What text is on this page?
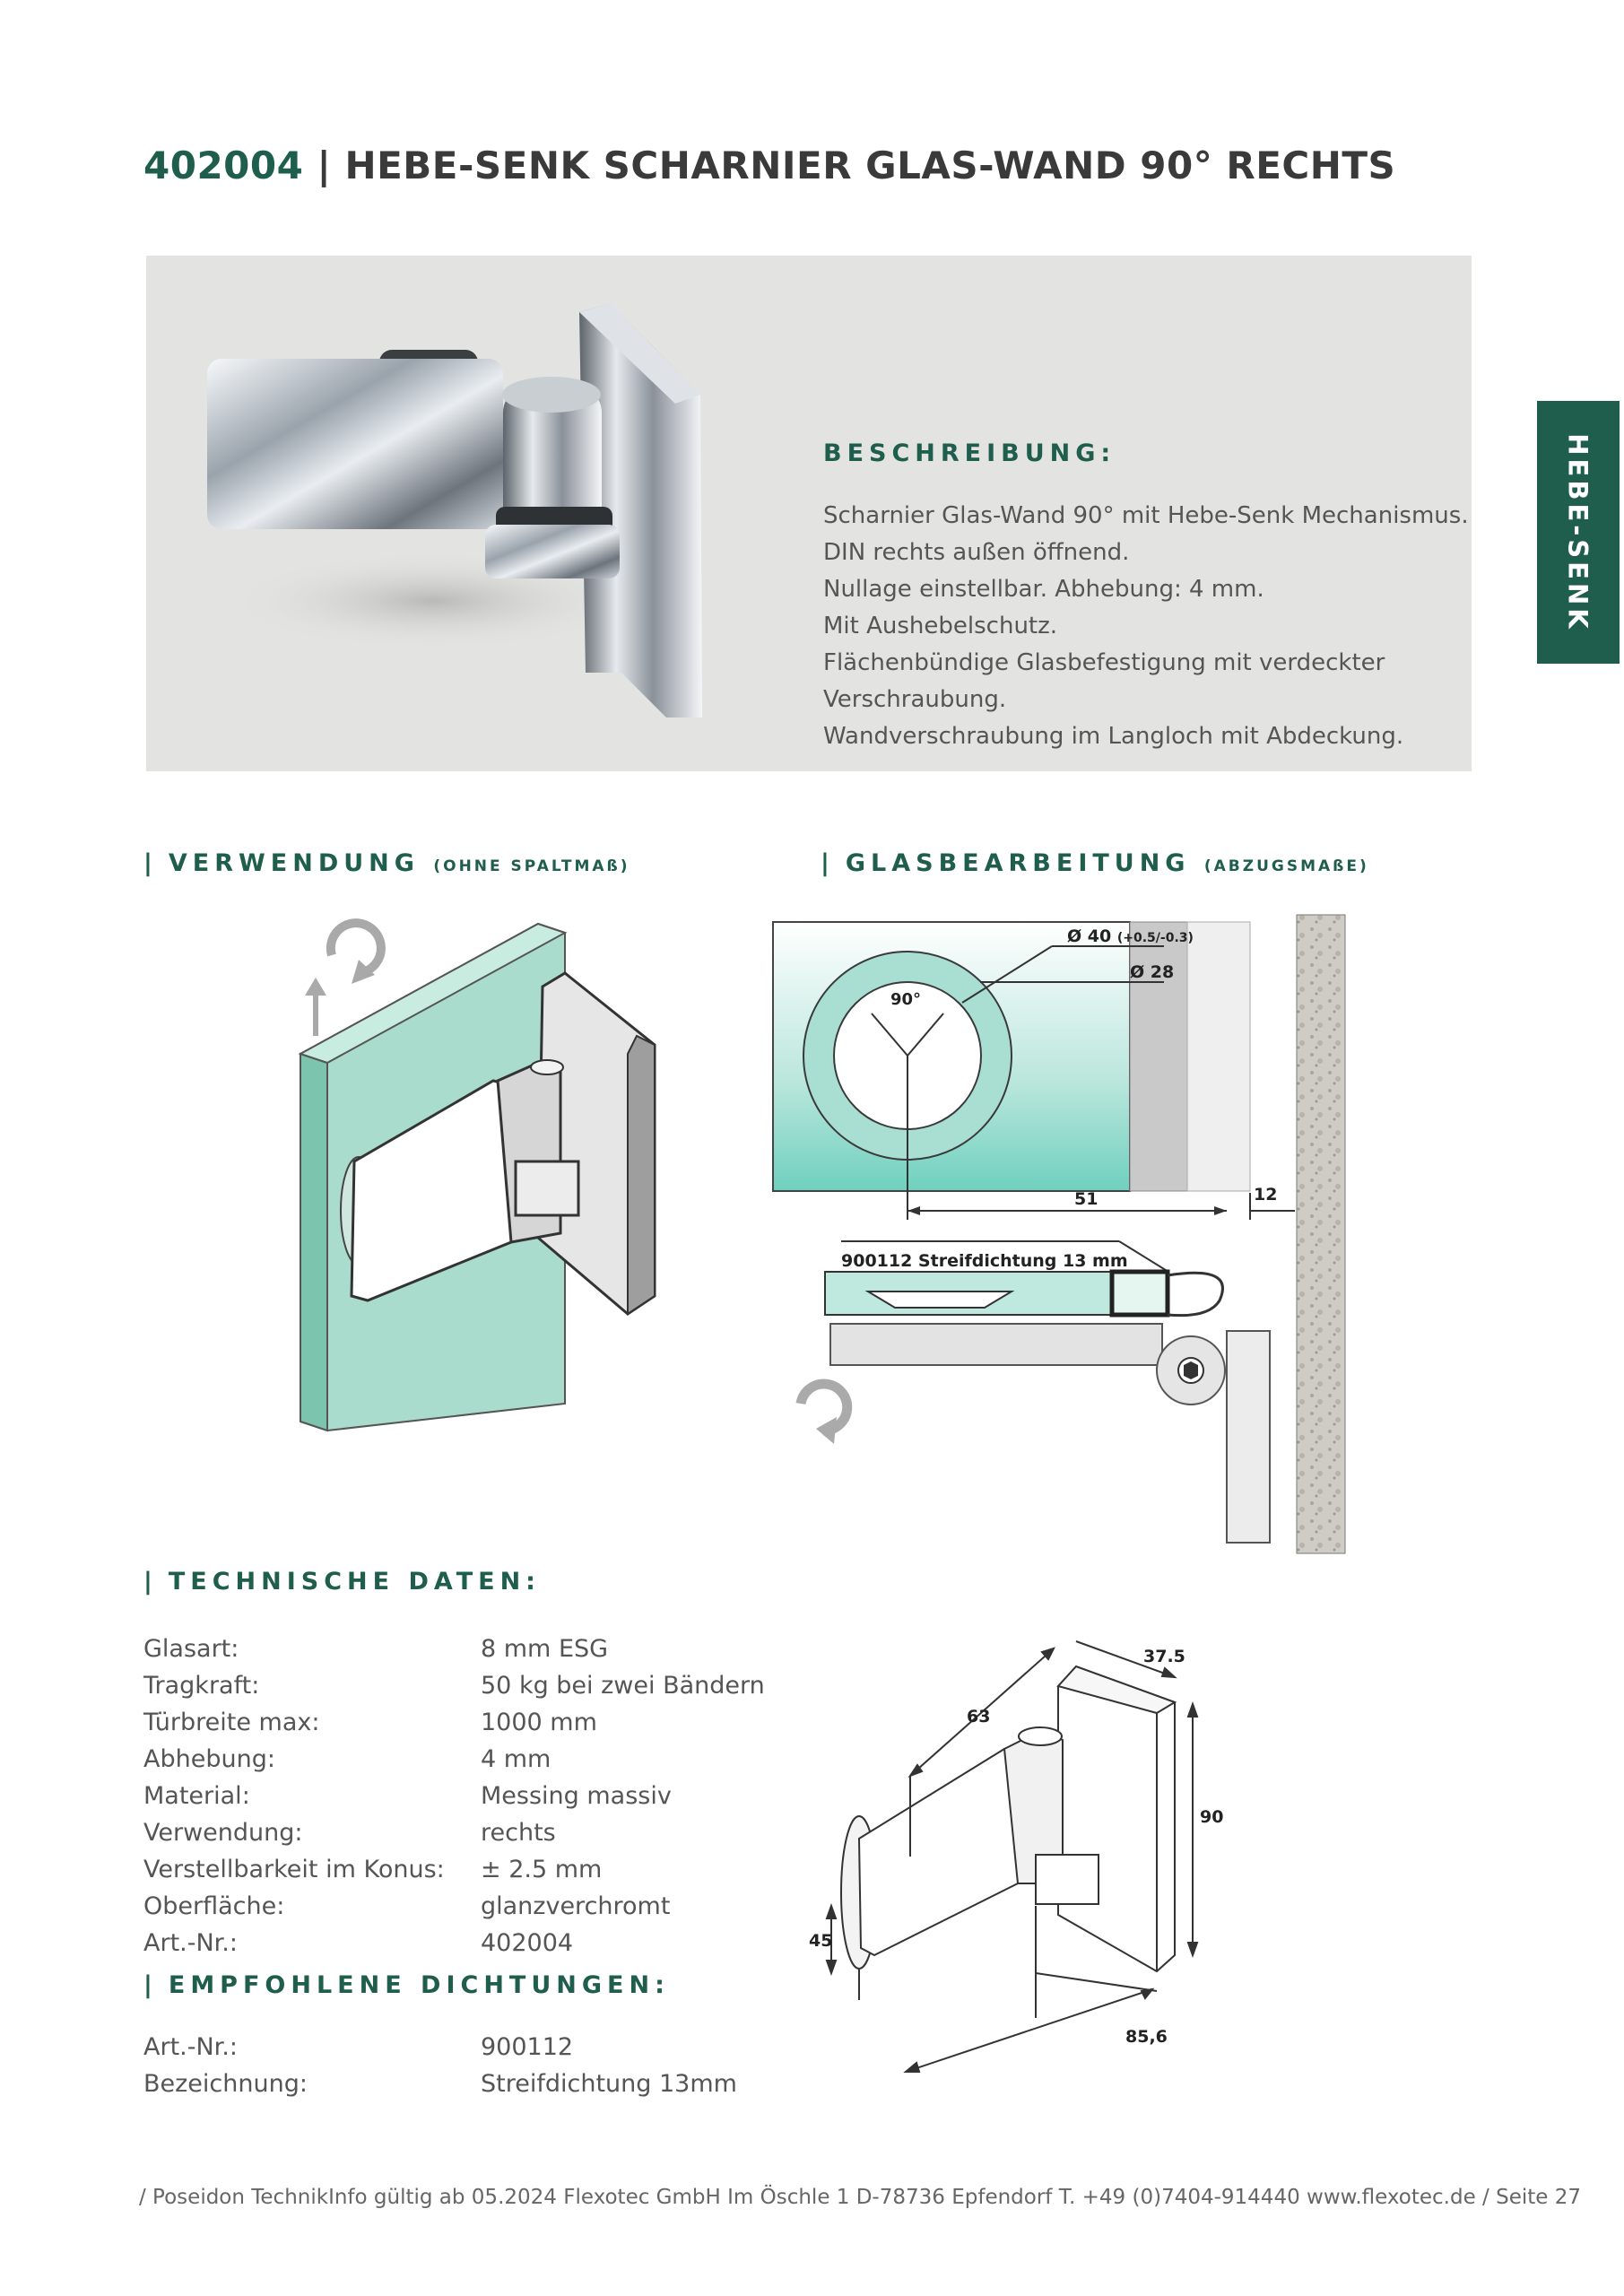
402004 | HEBE-SENK SCHARNIER GLAS-WAND 90° RECHTS
BESCHREIBUNG:
Scharnier Glas-Wand 90° mit Hebe-Senk Mechanismus.
DIN rechts außen öffnend.
Nullage einstellbar. Abhebung: 4 mm.
Mit Aushebelschutz.
Flächenbündige Glasbefestigung mit verdeckter
Verschraubung.
Wandverschraubung im Langloch mit Abdeckung.
HEBE-SENK
| VERWENDUNG (OHNE SPALTMAß)	| GLASBEARBEITUNG (ABZUGSMAßE)
Ø 40 (+0.5/-0.3)
Ø 28
90°
51	12
900112 Streifdichtung 13 mm
| TECHNISCHE DATEN:
Glasart:	8 mm ESG
Tragkraft:	50 kg bei zwei Bändern
Türbreite max:	1000 mm
Abhebung:	4 mm
Material:	Messing massiv
Verwendung:	rechts
Verstellbarkeit im Konus: ± 2.5 mm
Oberfläche:	glanzverchromt
Art.-Nr.:	402004
| EMPFOHLENE DICHTUNGEN:
Art.-Nr.:	900112
Bezeichnung:	Streifdichtung 13mm
63
37.5
90
45
85,6
/ Poseidon TechnikInfo gültig ab 05.2024 Flexotec GmbH Im Öschle 1 D-78736 Epfendorf T. +49 (0)7404-914440 www.flexotec.de / Seite 27
